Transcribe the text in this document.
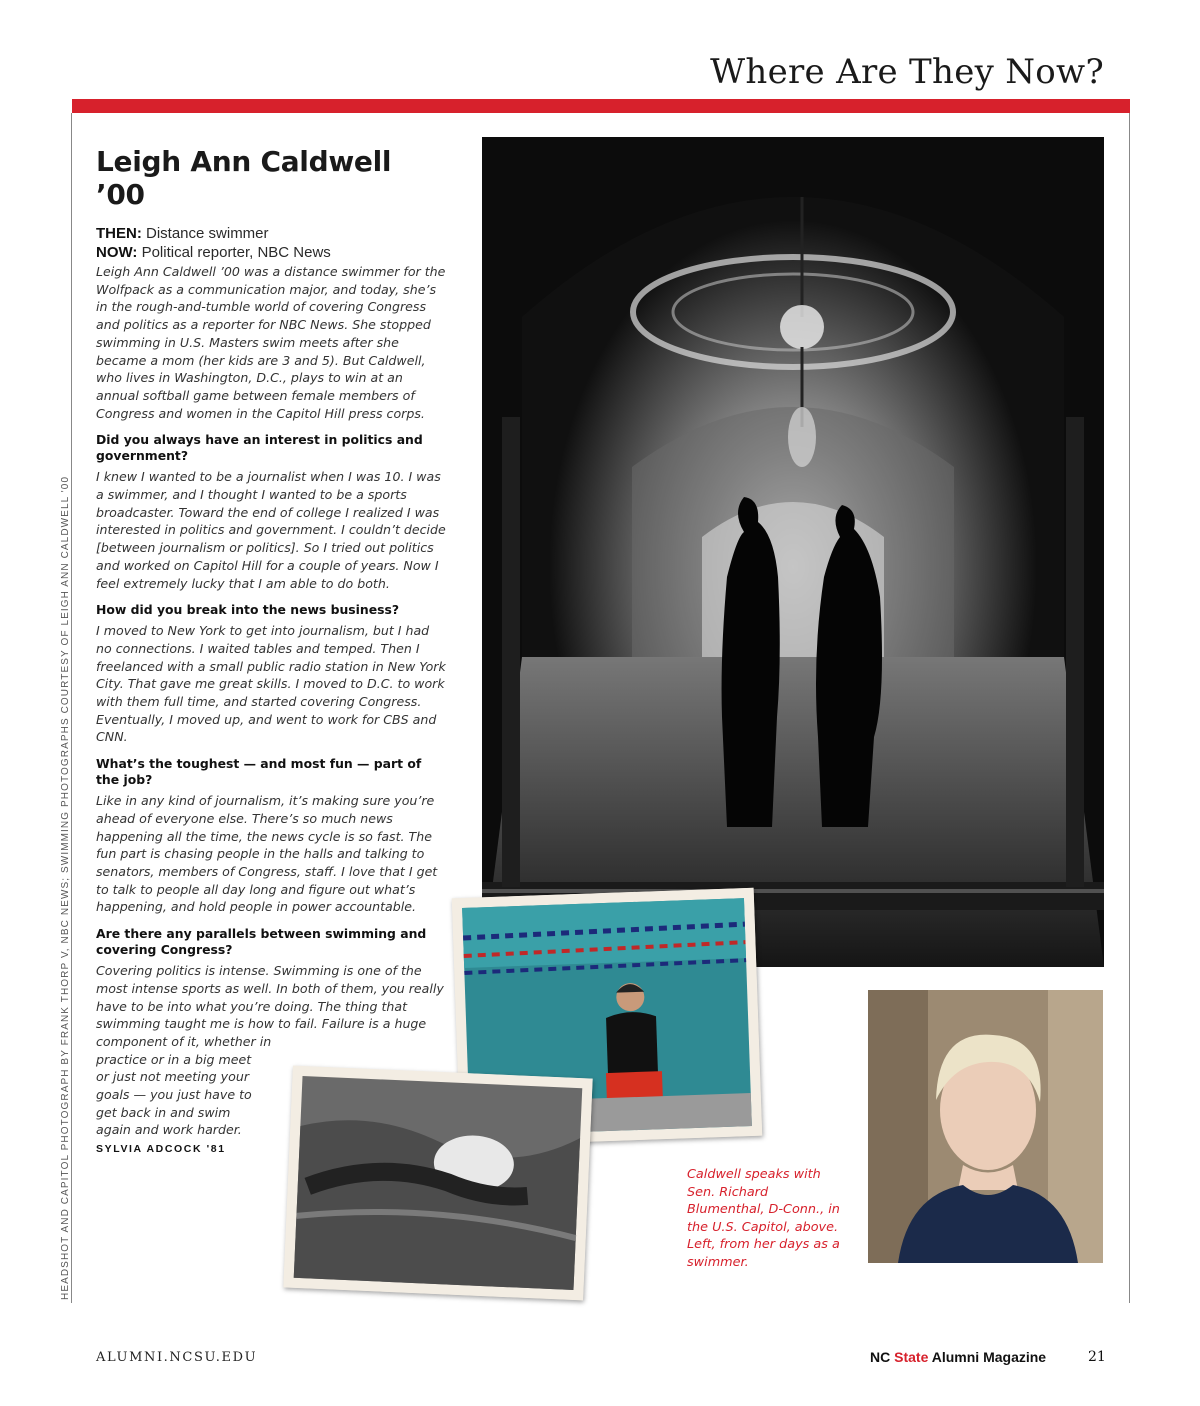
Where Are They Now?
HEADSHOT AND CAPITOL PHOTOGRAPH BY FRANK THORP V, NBC NEWS; SWIMMING PHOTOGRAPHS COURTESY OF LEIGH ANN CALDWELL '00
Leigh Ann Caldwell ’00

THEN: Distance swimmer

NOW: Political reporter, NBC News

Leigh Ann Caldwell ’00 was a distance swimmer for the Wolfpack as a communication major, and today, she’s in the rough-and-tumble world of covering Congress and politics as a reporter for NBC News. She stopped swimming in U.S. Masters swim meets after she became a mom (her kids are 3 and 5). But Caldwell, who lives in Washington, D.C., plays to win at an annual softball game between female members of Congress and women in the Capitol Hill press corps.

Did you always have an interest in politics and government?

I knew I wanted to be a journalist when I was 10. I was a swimmer, and I thought I wanted to be a sports broadcaster. Toward the end of college I realized I was interested in politics and government. I couldn’t decide [between journalism or politics]. So I tried out politics and worked on Capitol Hill for a couple of years. Now I feel extremely lucky that I am able to do both.

How did you break into the news business?

I moved to New York to get into journalism, but I had no connections. I waited tables and temped. Then I freelanced with a small public radio station in New York City. That gave me great skills. I moved to D.C. to work with them full time, and started covering Congress. Eventually, I moved up, and went to work for CBS and CNN.

What’s the toughest — and most fun — part of the job?

Like in any kind of journalism, it’s making sure you’re ahead of everyone else. There’s so much news happening all the time, the news cycle is so fast. The fun part is chasing people in the halls and talking to senators, members of Congress, staff. I love that I get to talk to people all day long and figure out what’s happening, and hold people in power accountable.

Are there any parallels between swimming and covering Congress?

Covering politics is intense. Swimming is one of the most intense sports as well. In both of them, you really have to be into what you’re doing. The thing that swimming taught me is how to fail. Failure is a huge component of it, whether in

practice or in a big meet or just not meeting your goals — you just have to get back in and swim again and work harder.

SYLVIA ADCOCK '81

Caldwell speaks with Sen. Richard Blumenthal, D-Conn., in the U.S. Capitol, above. Left, from her days as a swimmer.

ALUMNI.NCSU.EDU	NC State Alumni Magazine	21
